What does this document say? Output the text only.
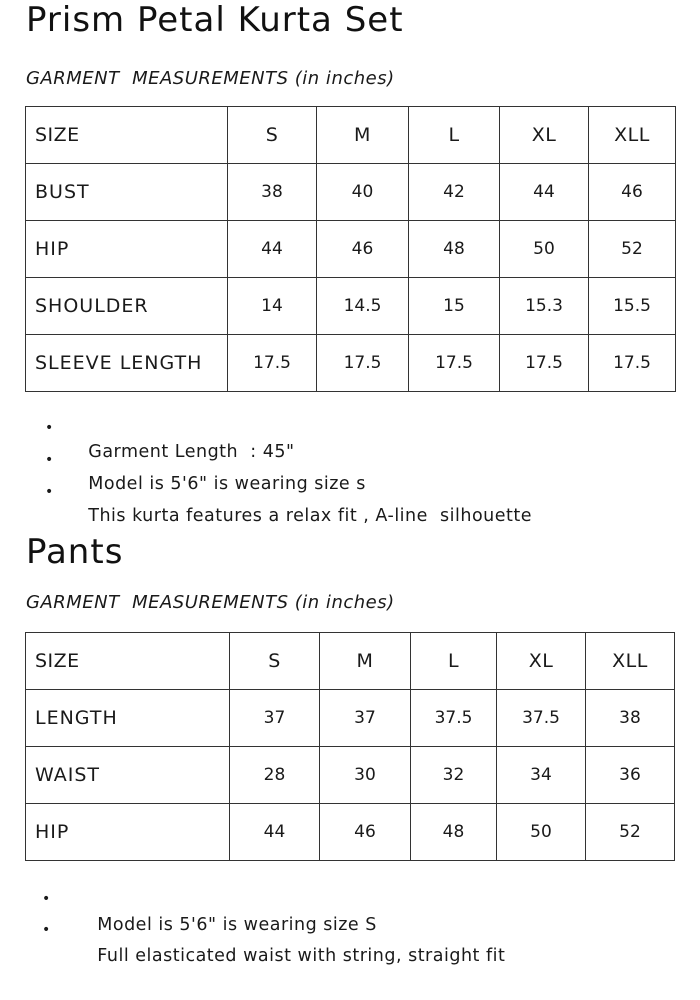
Prism Petal Kurta Set

GARMENT  MEASUREMENTS (in inches)

SIZE	S	M	L	XL	XLL
BUST	38	40	42	44	46
HIP	44	46	48	50	52
SHOULDER	14	14.5	15	15.3	15.5
SLEEVE LENGTH	17.5	17.5	17.5	17.5	17.5

•
Garment Length  : 45"

•
Model is 5'6" is wearing size s

•
This kurta features a relax fit , A-line  silhouette

Pants

GARMENT  MEASUREMENTS (in inches)

SIZE	S	M	L	XL	XLL
LENGTH	37	37	37.5	37.5	38
WAIST	28	30	32	34	36
HIP	44	46	48	50	52

•
Model is 5'6" is wearing size S

•
Full elasticated waist with string, straight fit
